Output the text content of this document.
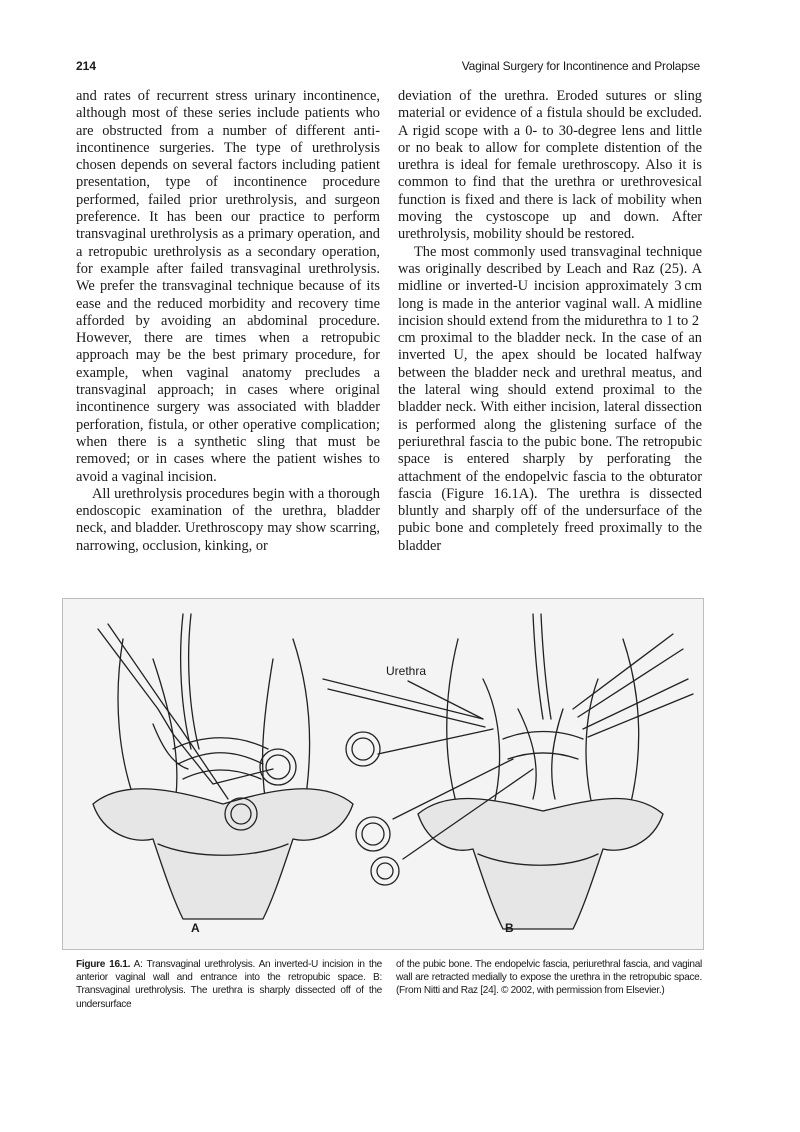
214	Vaginal Surgery for Incontinence and Prolapse

and rates of recurrent stress urinary incontinence, although most of these series include patients who are obstructed from a number of different anti-incontinence surgeries. The type of urethrolysis chosen depends on several factors including patient presentation, type of incontinence procedure performed, failed prior urethrolysis, and surgeon preference. It has been our practice to perform transvaginal urethrolysis as a primary operation, and a retropubic urethrolysis as a secondary operation, for example after failed transvaginal urethrolysis. We prefer the transvaginal technique because of its ease and the reduced morbidity and recovery time afforded by avoiding an abdominal procedure. However, there are times when a retropubic approach may be the best primary procedure, for example, when vaginal anatomy precludes a transvaginal approach; in cases where original incontinence surgery was associated with bladder perforation, fistula, or other operative complication; when there is a synthetic sling that must be removed; or in cases where the patient wishes to avoid a vaginal incision.

All urethrolysis procedures begin with a thorough endoscopic examination of the urethra, bladder neck, and bladder. Urethroscopy may show scarring, narrowing, occlusion, kinking, or

deviation of the urethra. Eroded sutures or sling material or evidence of a fistula should be excluded. A rigid scope with a 0- to 30-degree lens and little or no beak to allow for complete distention of the urethra is ideal for female urethroscopy. Also it is common to find that the urethra or urethrovesical function is fixed and there is lack of mobility when moving the cystoscope up and down. After urethrolysis, mobility should be restored.

The most commonly used transvaginal technique was originally described by Leach and Raz (25). A midline or inverted-U incision approximately 3 cm long is made in the anterior vaginal wall. A midline incision should extend from the midurethra to 1 to 2 cm proximal to the bladder neck. In the case of an inverted U, the apex should be located halfway between the bladder neck and urethral meatus, and the lateral wing should extend proximal to the bladder neck. With either incision, lateral dissection is performed along the glistening surface of the periurethral fascia to the pubic bone. The retropubic space is entered sharply by perforating the attachment of the endopelvic fascia to the obturator fascia (Figure 16.1A). The urethra is dissected bluntly and sharply off of the undersurface of the pubic bone and completely freed proximally to the bladder

Urethra
A	B
Figure 16.1. A: Transvaginal urethrolysis. An inverted-U incision in the anterior vaginal wall and entrance into the retropubic space. B: Transvaginal urethrolysis. The urethra is sharply dissected off of the undersurface
of the pubic bone. The endopelvic fascia, periurethral fascia, and vaginal wall are retracted medially to expose the urethra in the retropubic space. (From Nitti and Raz [24]. © 2002, with permission from Elsevier.)
